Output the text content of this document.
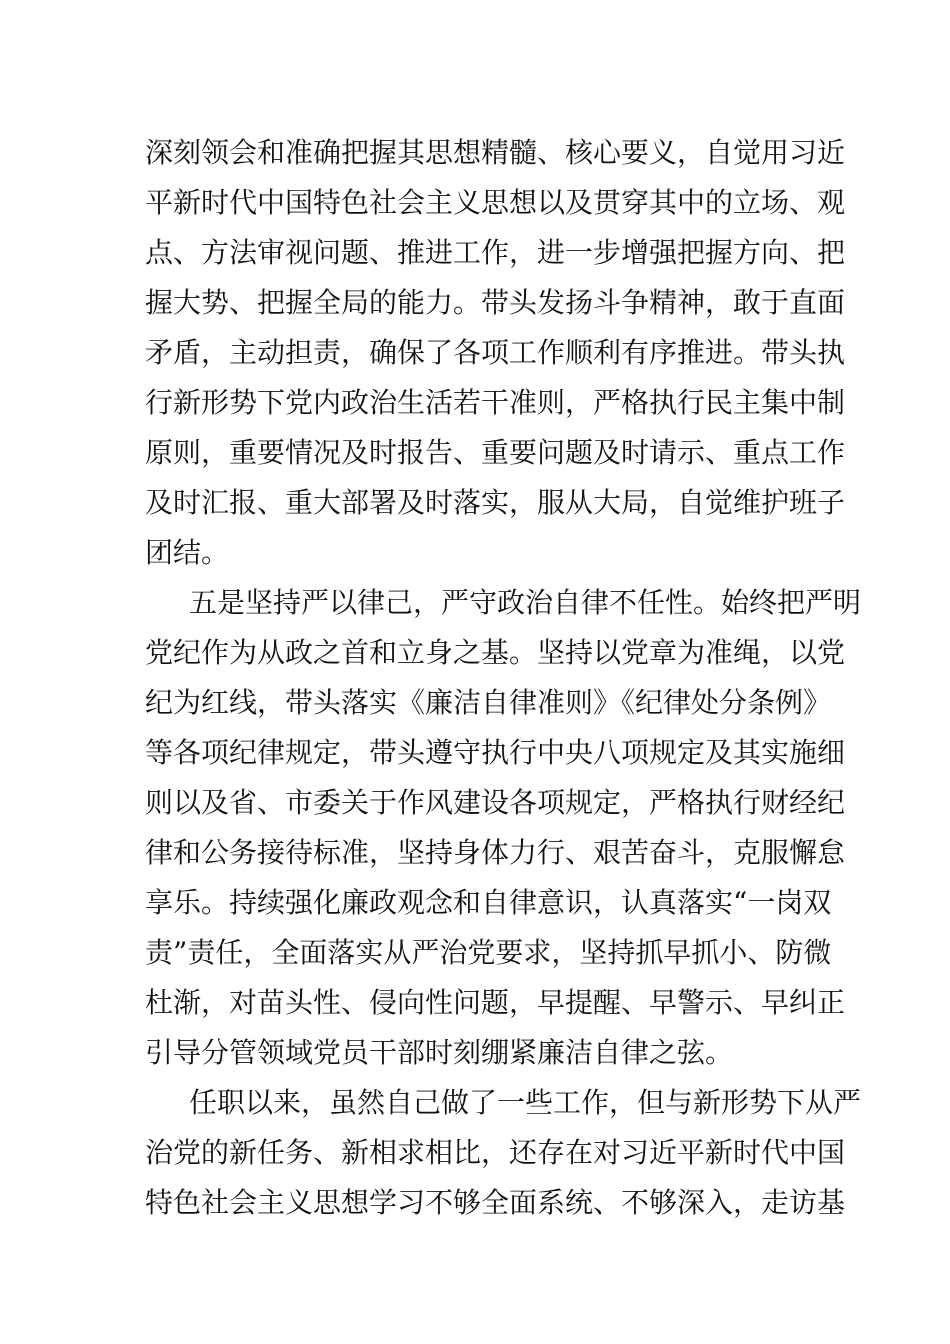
深刻领会和准确把握其思想精髓、核心要义，自觉用习近
平新时代中国特色社会主义思想以及贯穿其中的立场、观
点、方法审视问题、推进工作，进一步增强把握方向、把
握大势、把握全局的能力。带头发扬斗争精神，敢于直面
矛盾，主动担责，确保了各项工作顺利有序推进。带头执
行新形势下党内政治生活若干准则，严格执行民主集中制
原则，重要情况及时报告、重要问题及时请示、重点工作
及时汇报、重大部署及时落实，服从大局，自觉维护班子
团结。
五是坚持严以律己，严守政治自律不任性。始终把严明
党纪作为从政之首和立身之基。坚持以党章为准绳，以党
纪为红线，带头落实《廉洁自律准则》《纪律处分条例》
等各项纪律规定，带头遵守执行中央八项规定及其实施细
则以及省、市委关于作风建设各项规定，严格执行财经纪
律和公务接待标准，坚持身体力行、艰苦奋斗，克服懈怠
享乐。持续强化廉政观念和自律意识，认真落实“一岗双
责”责任，全面落实从严治党要求，坚持抓早抓小、防微
杜渐，对苗头性、侵向性问题，早提醒、早警示、早纠正
引导分管领域党员干部时刻绷紧廉洁自律之弦。
任职以来，虽然自己做了一些工作，但与新形势下从严
治党的新任务、新相求相比，还存在对习近平新时代中国
特色社会主义思想学习不够全面系统、不够深入，走访基
